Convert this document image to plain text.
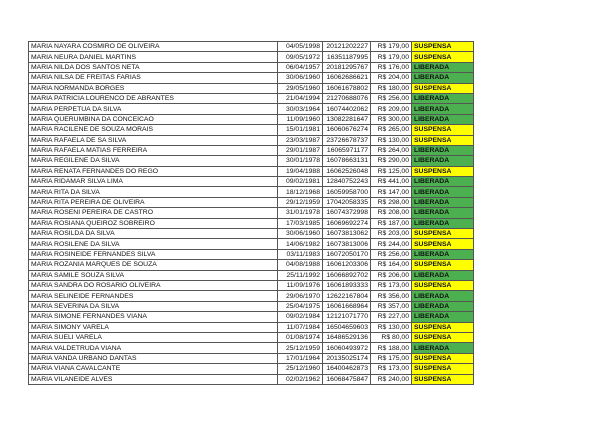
MARIA NAYARA COSMIRO DE OLIVEIRA	04/05/1998	20121202227	R$ 179,00	SUSPENSA
MARIA NEURA DANIEL MARTINS	09/05/1972	16351187995	R$ 179,00	SUSPENSA
MARIA NILDA DOS SANTOS NETA	06/04/1957	20181295767	R$ 176,00	LIBERADA
MARIA NILSA DE FREITAS FARIAS	30/06/1960	16062686621	R$ 204,00	LIBERADA
MARIA NORMANDA BORGES	29/05/1960	16061678802	R$ 180,00	SUSPENSA
MARIA PATRICIA LOURENCO DE ABRANTES	21/04/1994	21270688076	R$ 256,00	LIBERADA
MARIA PERPETUA DA SILVA	30/03/1964	16074402062	R$ 209,00	LIBERADA
MARIA QUERUMBINA DA CONCEICAO	11/09/1960	13082281647	R$ 300,00	LIBERADA
MARIA RACILENE DE SOUZA MORAIS	15/01/1981	16060676274	R$ 265,00	SUSPENSA
MARIA RAFAELA DE SA SILVA	23/03/1987	23726678737	R$ 130,00	SUSPENSA
MARIA RAFAELA MATIAS FERREIRA	29/01/1987	16065971177	R$ 264,00	LIBERADA
MARIA REGILENE DA SILVA	30/01/1978	16078663131	R$ 290,00	LIBERADA
MARIA RENATA FERNANDES DO REGO	19/04/1988	16062526048	R$ 125,00	SUSPENSA
MARIA RIDAMAR SILVA LIMA	09/02/1981	12840752243	R$ 441,00	LIBERADA
MARIA RITA DA SILVA	18/12/1968	16059958700	R$ 147,00	LIBERADA
MARIA RITA PEREIRA DE OLIVEIRA	29/12/1959	17042058335	R$ 298,00	LIBERADA
MARIA ROSENI PEREIRA DE CASTRO	31/01/1978	16074372998	R$ 208,00	LIBERADA
MARIA ROSIANA QUEIROZ SOBREIRO	17/03/1985	16069692274	R$ 187,00	LIBERADA
MARIA ROSILDA DA SILVA	30/06/1960	16073813062	R$ 203,00	SUSPENSA
MARIA ROSILENE DA SILVA	14/06/1982	16073813006	R$ 244,00	SUSPENSA
MARIA ROSINEIDE FERNANDES SILVA	03/11/1983	16072050170	R$ 256,00	LIBERADA
MARIA ROZANIA MARQUES DE SOUZA	04/08/1988	16061203306	R$ 164,00	SUSPENSA
MARIA SAMILE SOUZA SILVA	25/11/1992	16066892702	R$ 206,00	LIBERADA
MARIA SANDRA DO ROSARIO OLIVEIRA	11/09/1976	16061893333	R$ 173,00	SUSPENSA
MARIA SELINEIDE FERNANDES	29/06/1970	12622167804	R$ 356,00	LIBERADA
MARIA SEVERINA DA SILVA	25/04/1975	16061668964	R$ 357,00	LIBERADA
MARIA SIMONE FERNANDES VIANA	09/02/1984	12121071770	R$ 227,00	LIBERADA
MARIA SIMONY VARELA	11/07/1984	16504659603	R$ 130,00	SUSPENSA
MARIA SUELI VARELA	01/08/1974	16486529136	R$ 80,00	SUSPENSA
MARIA VALDETRUDA VIANA	25/12/1959	16060493972	R$ 188,00	LIBERADA
MARIA VANDA URBANO DANTAS	17/01/1964	20135025174	R$ 175,00	SUSPENSA
MARIA VIANA CAVALCANTE	25/12/1960	16400462873	R$ 173,00	SUSPENSA
MARIA VILANEIDE ALVES	02/02/1962	16068475847	R$ 240,00	SUSPENSA
